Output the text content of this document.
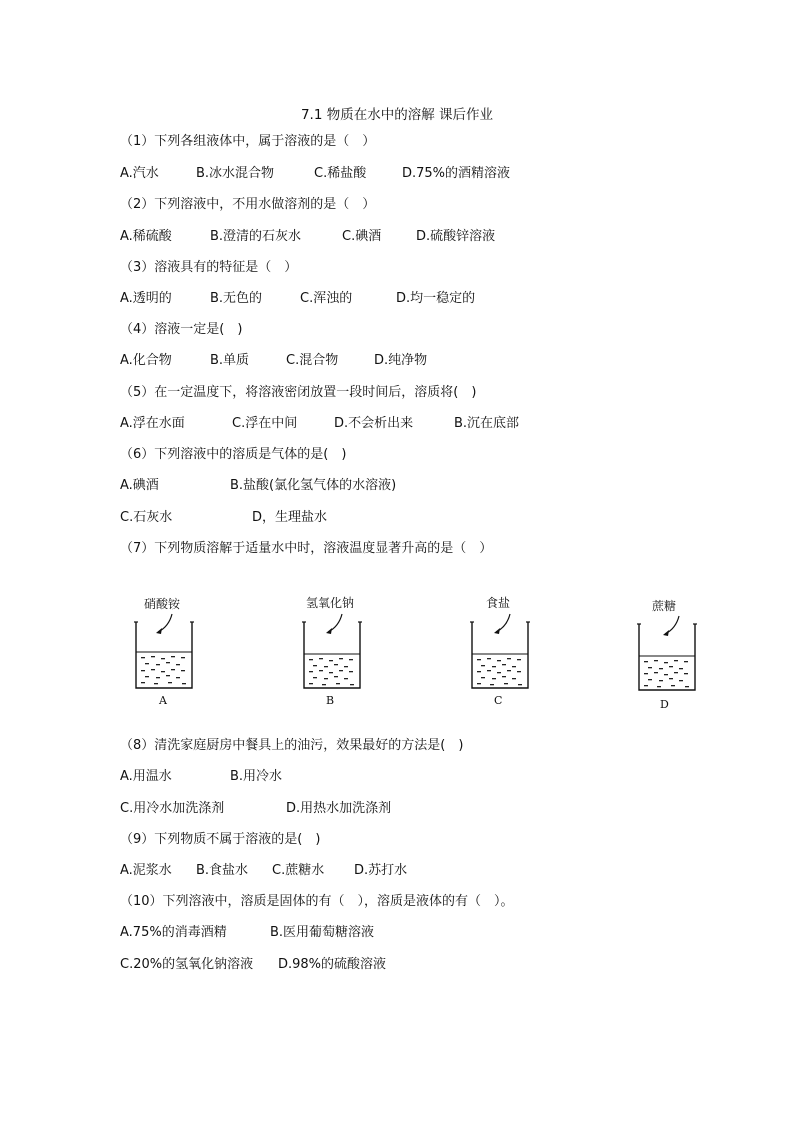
7.1 物质在水中的溶解 课后作业
（1）下列各组液体中，属于溶液的是（　）
A.汽水	B.冰水混合物	C.稀盐酸	D.75%的酒精溶液
（2）下列溶液中，不用水做溶剂的是（　）
A.稀硫酸	B.澄清的石灰水	C.碘酒	D.硫酸锌溶液
（3）溶液具有的特征是（　）
A.透明的	B.无色的	C.浑浊的	D.均一稳定的
（4）溶液一定是(　)
A.化合物	B.单质	C.混合物	D.纯净物
（5）在一定温度下，将溶液密闭放置一段时间后，溶质将(　)
A.浮在水面	C.浮在中间	D.不会析出来	B.沉在底部
（6）下列溶液中的溶质是气体的是(　)
A.碘酒	B.盐酸(氯化氢气体的水溶液)
C.石灰水	D，生理盐水
（7）下列物质溶解于适量水中时，溶液温度显著升高的是（　）
硝酸铵	氢氧化钠	食盐	蔗糖
A	B	C	D
（8）清洗家庭厨房中餐具上的油污，效果最好的方法是(　)
A.用温水	B.用冷水
C.用冷水加洗涤剂	D.用热水加洗涤剂
（9）下列物质不属于溶液的是(　)
A.泥浆水 B.食盐水 C.蔗糖水 D.苏打水
（10）下列溶液中，溶质是固体的有（　），溶质是液体的有（　）。
A.75%的消毒酒精	B.医用葡萄糖溶液
C.20%的氢氧化钠溶液 D.98%的硫酸溶液
